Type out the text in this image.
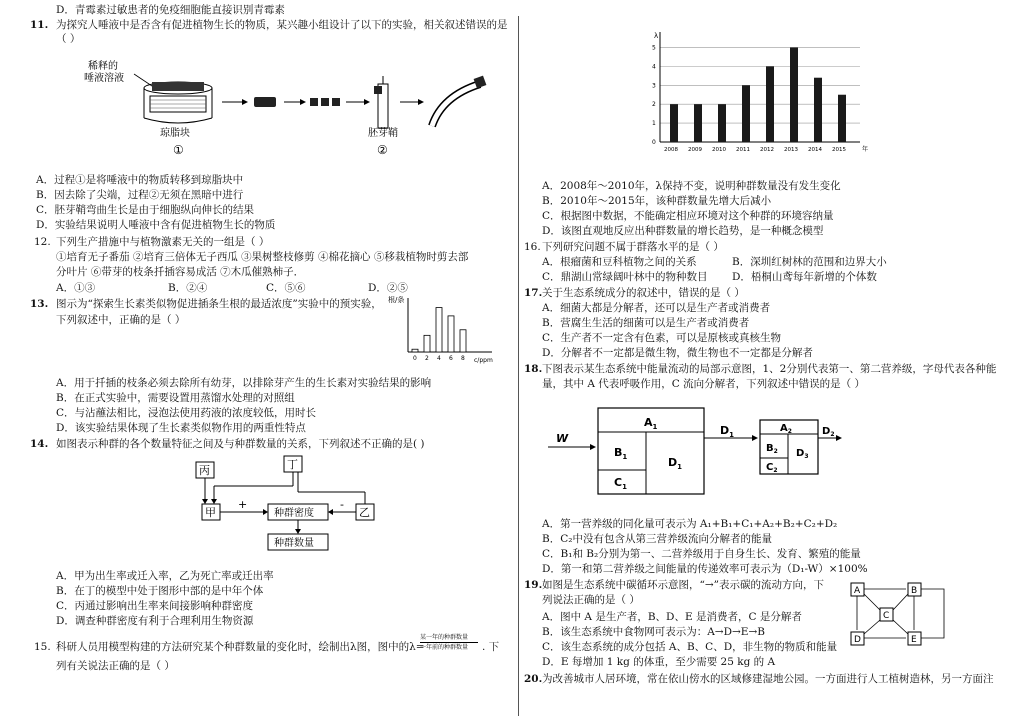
D．青霉素过敏患者的免疫细胞能直接识别青霉素
11. 为探究人唾液中是否含有促进植物生长的物质，某兴趣小组设计了以下的实验，相关叙述错误的是
（ ）
稀释的
唾液溶液
琼脂块
①
胚芽鞘
②
A．过程①是将唾液中的物质转移到琼脂块中
B．因去除了尖端，过程②无须在黑暗中进行
C．胚芽鞘弯曲生长是由于细胞纵向伸长的结果
D．实验结果说明人唾液中含有促进植物生长的物质
12. 下列生产措施中与植物激素无关的一组是（ ）
①培育无子番茄 ②培育三倍体无子西瓜 ③果树整枝修剪 ④棉花摘心 ⑤移栽植物时剪去部
分叶片 ⑥带芽的枝条扦插容易成活 ⑦木瓜催熟柿子．
A．①③	B．②④	C．⑤⑥	D．②⑤
13. 图示为“探索生长素类似物促进插条生根的最适浓度”实验中的预实验，
下列叙述中，正确的是（ ）
根/条
c/ppm
0 2 4 6 8
A．用于扦插的枝条必须去除所有幼芽，以排除芽产生的生长素对实验结果的影响
B．在正式实验中，需要设置用蒸馏水处理的对照组
C．与沾蘸法相比，浸泡法使用药液的浓度较低，用时长
D．该实验结果体现了生长素类似物作用的两重性特点
14. 如图表示种群的各个数量特征之间及与种群数量的关系，下列叙述不正确的是( )
丙	丁
甲	乙
种群密度
种群数量
+	-
A．甲为出生率或迁入率，乙为死亡率或迁出率
B．在丁的模型中处于图形中部的是中年个体
C．丙通过影响出生率来间接影响种群密度
D．调查种群密度有利于合理利用生物资源
15. 科研人员用模型构建的方法研究某个种群数量的变化时，绘制出λ图，图中的λ=
某一年的种群数量
一年前的种群数量 . 下
列有关说法正确的是（ ）
λ
年
0
1
2
3
4
5
2008 2009 2010 2011 2012 2013 2014 2015
A．2008年～2010年，λ保持不变，说明种群数量没有发生变化
B．2010年～2015年，该种群数量先增大后减小
C．根据图中数据，不能确定相应环境对这个种群的环境容纳量
D．该图直观地反应出种群数量的增长趋势，是一种概念模型
16. 下列研究问题不属于群落水平的是（ ）
A．根瘤菌和豆科植物之间的关系	B．深圳红树林的范围和边界大小
C．鼎湖山常绿阔叶林中的物种数目 D．梧桐山鸢每年新增的个体数
17. 关于生态系统成分的叙述中，错误的是（ ）
A．细菌大都是分解者，还可以是生产者或消费者
B．营腐生生活的细菌可以是生产者或消费者
C．生产者不一定含有色素，可以是原核或真核生物
D．分解者不一定都是微生物，微生物也不一定都是分解者
18. 下图表示某生态系统中能量流动的局部示意图，1、2分别代表第一、第二营养级，字母代表各种能
量，其中 A 代表呼吸作用，C 流向分解者，下列叙述中错误的是（ ）
W
$A_1$
$B_1$
$C_1$
$D_1$
$D_1$
$A_2$
$B_2$
$C_2$
$D_3$
$D_2$
A．第一营养级的同化量可表示为 A₁+B₁+C₁+A₂+B₂+C₂+D₂
B．C₂中没有包含从第三营养级流向分解者的能量
C．B₁和 B₂分别为第一、二营养级用于自身生长、发育、繁殖的能量
D．第一和第二营养级之间能量的传递效率可表示为（D₁-W）×100%
19. 如图是生态系统中碳循环示意图，“→”表示碳的流动方向，下
列说法正确的是（ ）
A	B
C
D	E
A．图中 A 是生产者，B、D、E 是消费者，C 是分解者
B．该生态系统中食物网可表示为：A→D→E→B
C．该生态系统的成分包括 A、B、C、D，非生物的物质和能量
D．E 每增加 1 kg 的体重，至少需要 25 kg 的 A
20. 为改善城市人居环境，常在依山傍水的区域修建湿地公园。一方面进行人工植树造林，另一方面注
